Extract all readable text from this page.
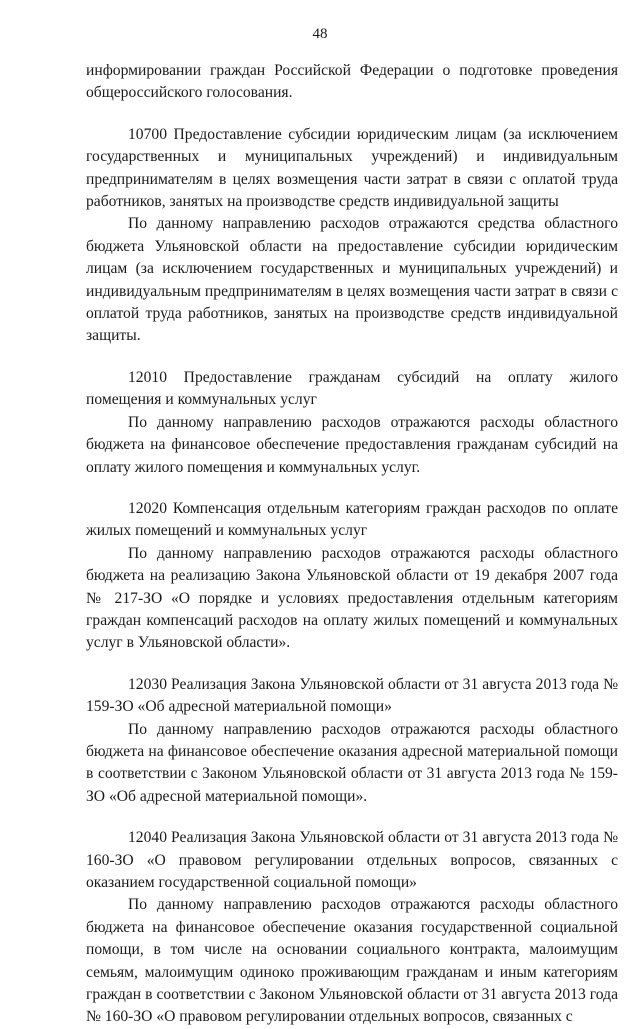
48

информировании граждан Российской Федерации о подготовке проведения общероссийского голосования.

10700 Предоставление субсидии юридическим лицам (за исключением государственных и муниципальных учреждений) и индивидуальным предпринимателям в целях возмещения части затрат в связи с оплатой труда работников, занятых на производстве средств индивидуальной защиты

По данному направлению расходов отражаются средства областного бюджета Ульяновской области на предоставление субсидии юридическим лицам (за исключением государственных и муниципальных учреждений) и индивидуальным предпринимателям в целях возмещения части затрат в связи с оплатой труда работников, занятых на производстве средств индивидуальной защиты.

12010 Предоставление гражданам субсидий на оплату жилого помещения и коммунальных услуг

По данному направлению расходов отражаются расходы областного бюджета на финансовое обеспечение предоставления гражданам субсидий на оплату жилого помещения и коммунальных услуг.

12020 Компенсация отдельным категориям граждан расходов по оплате жилых помещений и коммунальных услуг

По данному направлению расходов отражаются расходы областного бюджета на реализацию Закона Ульяновской области от 19 декабря 2007 года № 217-ЗО «О порядке и условиях предоставления отдельным категориям граждан компенсаций расходов на оплату жилых помещений и коммунальных услуг в Ульяновской области».

12030 Реализация Закона Ульяновской области от 31 августа 2013 года № 159-ЗО «Об адресной материальной помощи»

По данному направлению расходов отражаются расходы областного бюджета на финансовое обеспечение оказания адресной материальной помощи в соответствии с Законом Ульяновской области от 31 августа 2013 года № 159-ЗО «Об адресной материальной помощи».

12040 Реализация Закона Ульяновской области от 31 августа 2013 года № 160-ЗО «О правовом регулировании отдельных вопросов, связанных с оказанием государственной социальной помощи»

По данному направлению расходов отражаются расходы областного бюджета на финансовое обеспечение оказания государственной социальной помощи, в том числе на основании социального контракта, малоимущим семьям, малоимущим одиноко проживающим гражданам и иным категориям граждан в соответствии с Законом Ульяновской области от 31 августа 2013 года № 160-ЗО «О правовом регулировании отдельных вопросов, связанных с
